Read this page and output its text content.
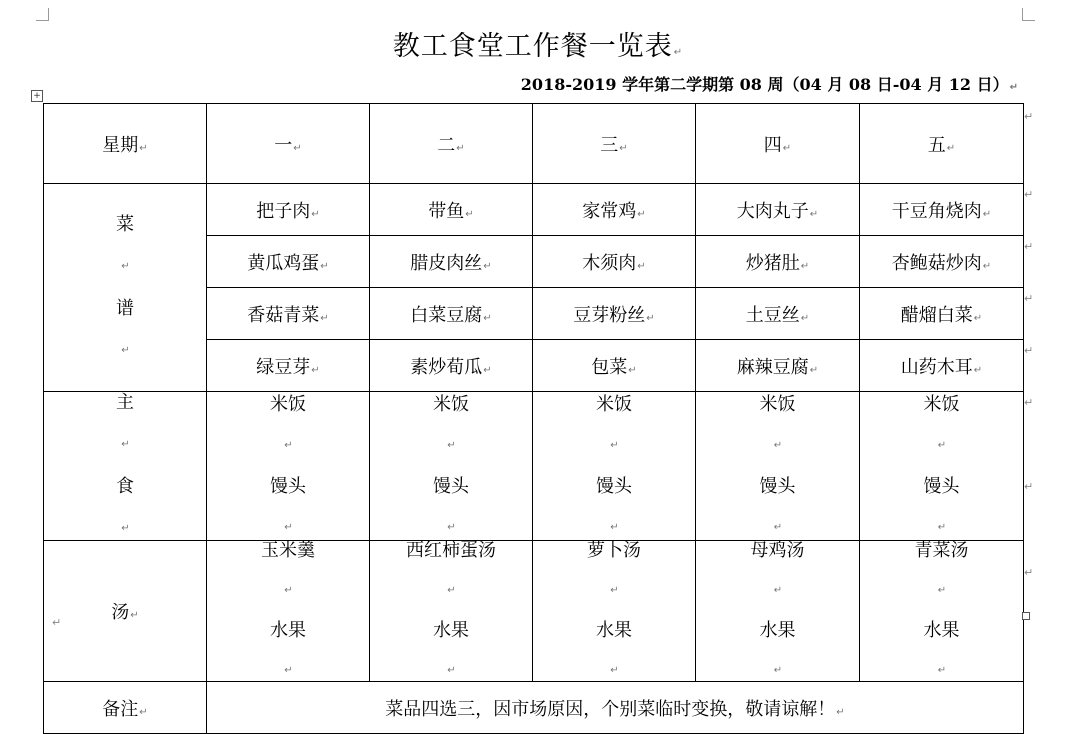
教工食堂工作餐一览表↵
2018-2019 学年第二学期第 08 周（04 月 08 日-04 月 12 日）↵
+
星期↵	一↵	二↵	三↵	四↵	五↵

菜
↵
谱
↵	把子肉↵	带鱼↵	家常鸡↵	大肉丸子↵	干豆角烧肉↵
	黄瓜鸡蛋↵	腊皮肉丝↵	木须肉↵	炒猪肚↵	杏鲍菇炒肉↵
	香菇青菜↵	白菜豆腐↵	豆芽粉丝↵	土豆丝↵	醋熘白菜↵
	绿豆芽↵	素炒荀瓜↵	包菜↵	麻辣豆腐↵	山药木耳↵

主
↵
食
↵	米饭
↵
馒头
↵	米饭
↵
馒头
↵	米饭
↵
馒头
↵	米饭
↵
馒头
↵	米饭
↵
馒头
↵

汤↵	玉米羹
↵
水果
↵	西红柿蛋汤
↵
水果
↵	萝卜汤
↵
水果
↵	母鸡汤
↵
水果
↵	青菜汤
↵
水果
↵

备注↵	菜品四选三，因市场原因，个别菜临时变换，敬请谅解！↵				
↵
↵
↵
↵
↵
↵
↵
↵
↵
